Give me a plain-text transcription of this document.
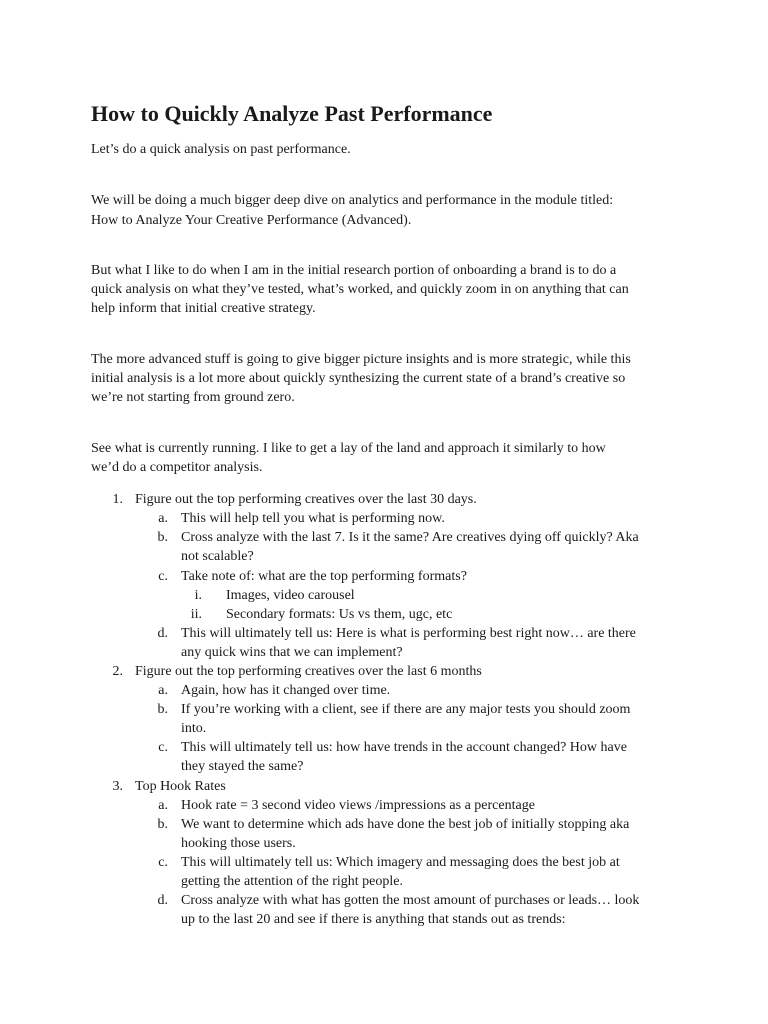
How to Quickly Analyze Past Performance

Let’s do a quick analysis on past performance.

We will be doing a much bigger deep dive on analytics and performance in the module titled:

How to Analyze Your Creative Performance (Advanced).

But what I like to do when I am in the initial research portion of onboarding a brand is to do a

quick analysis on what they’ve tested, what’s worked, and quickly zoom in on anything that can

help inform that initial creative strategy.

The more advanced stuff is going to give bigger picture insights and is more strategic, while this

initial analysis is a lot more about quickly synthesizing the current state of a brand’s creative so

we’re not starting from ground zero.

See what is currently running. I like to get a lay of the land and approach it similarly to how

we’d do a competitor analysis.

1. Figure out the top performing creatives over the last 30 days.
a. This will help tell you what is performing now.
b. Cross analyze with the last 7. Is it the same? Are creatives dying off quickly? Aka
not scalable?
c. Take note of: what are the top performing formats?
i. Images, video carousel
ii. Secondary formats: Us vs them, ugc, etc
d. This will ultimately tell us: Here is what is performing best right now… are there
any quick wins that we can implement?
2. Figure out the top performing creatives over the last 6 months
a. Again, how has it changed over time.
b. If you’re working with a client, see if there are any major tests you should zoom
into.
c. This will ultimately tell us: how have trends in the account changed? How have
they stayed the same?
3. Top Hook Rates
a. Hook rate = 3 second video views /impressions as a percentage
b. We want to determine which ads have done the best job of initially stopping aka
hooking those users.
c. This will ultimately tell us: Which imagery and messaging does the best job at
getting the attention of the right people.
d. Cross analyze with what has gotten the most amount of purchases or leads… look
up to the last 20 and see if there is anything that stands out as trends:
